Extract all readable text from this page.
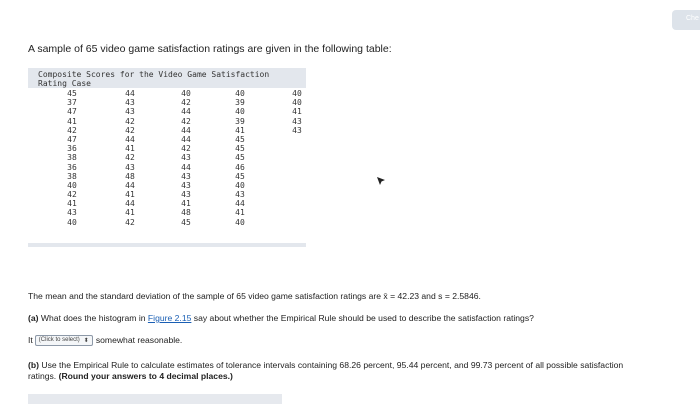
Che
A sample of 65 video game satisfaction ratings are given in the following table:
Composite Scores for the Video Game Satisfaction
Rating Case
45
37
47
41
42
47
36
38
36
38
40
42
41
43
40
44
43
43
42
42
44
41
42
43
48
44
41
44
41
42
40
42
44
42
44
44
42
43
44
43
43
43
41
48
45
40
39
40
39
41
45
45
45
46
45
40
43
44
41
40
40
40
41
43
43
The mean and the standard deviation of the sample of 65 video game satisfaction ratings are x̄ = 42.23 and s = 2.5846.
(a) What does the histogram in Figure 2.15 say about whether the Empirical Rule should be used to describe the satisfaction ratings?
It (Click to select) ⬍ somewhat reasonable.
(b) Use the Empirical Rule to calculate estimates of tolerance intervals containing 68.26 percent, 95.44 percent, and 99.73 percent of all possible satisfaction ratings. (Round your answers to 4 decimal places.)
